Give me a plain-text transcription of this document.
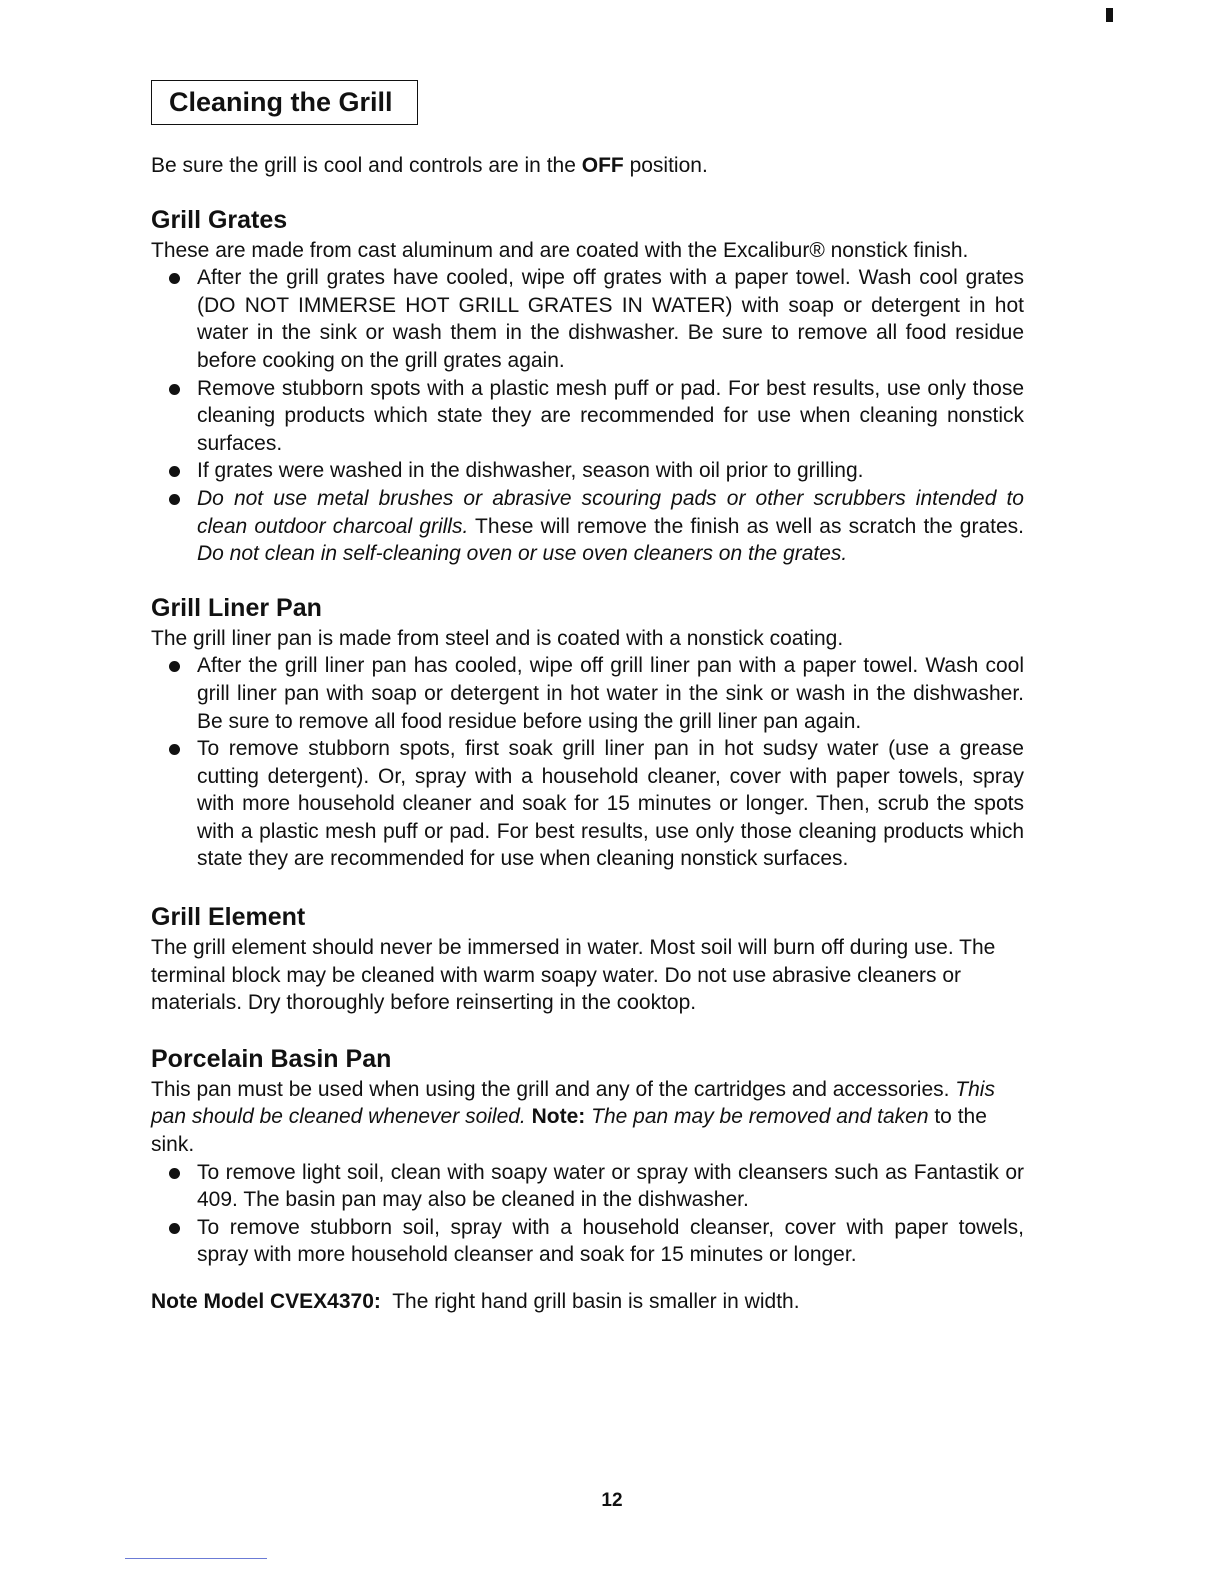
Cleaning the Grill

Be sure the grill is cool and controls are in the OFF position.

Grill Grates

These are made from cast aluminum and are coated with the Excalibur® nonstick finish.

After the grill grates have cooled, wipe off grates with a paper towel. Wash cool grates (DO NOT IMMERSE HOT GRILL GRATES IN WATER) with soap or detergent in hot water in the sink or wash them in the dishwasher. Be sure to remove all food residue before cooking on the grill grates again.
Remove stubborn spots with a plastic mesh puff or pad. For best results, use only those cleaning products which state they are recommended for use when cleaning nonstick surfaces.
If grates were washed in the dishwasher, season with oil prior to grilling.
Do not use metal brushes or abrasive scouring pads or other scrubbers intended to clean outdoor charcoal grills. These will remove the finish as well as scratch the grates. Do not clean in self-cleaning oven or use oven cleaners on the grates.
Grill Liner Pan

The grill liner pan is made from steel and is coated with a nonstick coating.

After the grill liner pan has cooled, wipe off grill liner pan with a paper towel. Wash cool grill liner pan with soap or detergent in hot water in the sink or wash in the dishwasher. Be sure to remove all food residue before using the grill liner pan again.
To remove stubborn spots, first soak grill liner pan in hot sudsy water (use a grease cutting detergent). Or, spray with a household cleaner, cover with paper towels, spray with more household cleaner and soak for 15 minutes or longer. Then, scrub the spots with a plastic mesh puff or pad. For best results, use only those cleaning products which state they are recommended for use when cleaning nonstick surfaces.
Grill Element

The grill element should never be immersed in water. Most soil will burn off during use. The terminal block may be cleaned with warm soapy water. Do not use abrasive cleaners or materials. Dry thoroughly before reinserting in the cooktop.

Porcelain Basin Pan

This pan must be used when using the grill and any of the cartridges and accessories. This pan should be cleaned whenever soiled. Note: The pan may be removed and taken to the sink.

To remove light soil, clean with soapy water or spray with cleansers such as Fantastik or 409. The basin pan may also be cleaned in the dishwasher.
To remove stubborn soil, spray with a household cleanser, cover with paper towels, spray with more household cleanser and soak for 15 minutes or longer.

Note Model CVEX4370:  The right hand grill basin is smaller in width.

12
